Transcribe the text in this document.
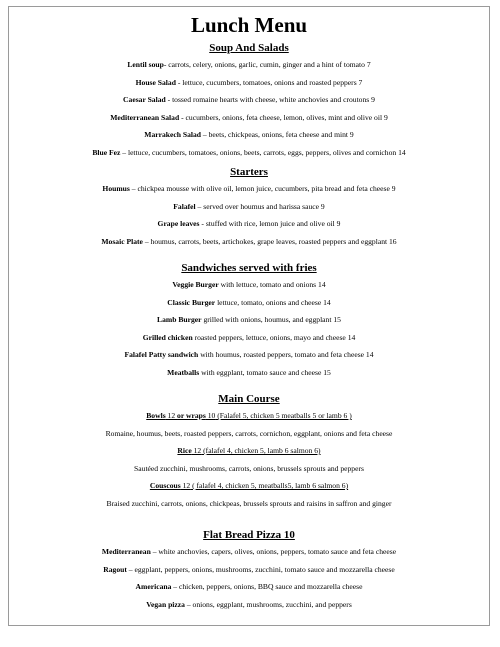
Lunch Menu
Soup And Salads
Lentil soup- carrots, celery, onions, garlic, cumin, ginger and a hint of tomato 7
House Salad - lettuce, cucumbers, tomatoes, onions and roasted peppers 7
Caesar Salad - tossed romaine hearts with cheese, white anchovies and croutons 9
Mediterranean Salad - cucumbers, onions, feta cheese, lemon, olives, mint and olive oil 9
Marrakech Salad – beets, chickpeas, onions, feta cheese and mint 9
Blue Fez – lettuce, cucumbers, tomatoes, onions, beets, carrots, eggs, peppers, olives and cornichon 14
Starters
Houmus – chickpea mousse with olive oil, lemon juice, cucumbers, pita bread and feta cheese 9
Falafel – served over houmus and harissa sauce 9
Grape leaves - stuffed with rice, lemon juice and olive oil 9
Mosaic Plate – houmus, carrots, beets, artichokes, grape leaves, roasted peppers and eggplant 16
Sandwiches served with fries
Veggie Burger with lettuce, tomato and onions 14
Classic Burger lettuce, tomato, onions and cheese 14
Lamb Burger grilled with onions, houmus, and eggplant 15
Grilled chicken roasted peppers, lettuce, onions, mayo and cheese 14
Falafel Patty sandwich with houmus, roasted peppers, tomato and feta cheese 14
Meatballs with eggplant, tomato sauce and cheese 15
Main Course
Bowls 12 or wraps 10 (Falafel 5, chicken 5 meatballs 5 or lamb 6 )
Romaine, houmus, beets, roasted peppers, carrots, cornichon, eggplant, onions and feta cheese
Rice 12 (falafel 4, chicken 5, lamb 6 salmon 6)
Sautéed zucchini, mushrooms, carrots, onions, brussels sprouts and peppers
Couscous 12 ( falafel 4, chicken 5, meatballs5, lamb 6 salmon 6)
Braised zucchini, carrots, onions, chickpeas, brussels sprouts and raisins in saffron and ginger
Flat Bread Pizza 10
Mediterranean – white anchovies, capers, olives, onions, peppers, tomato sauce and feta cheese
Ragout – eggplant, peppers, onions, mushrooms, zucchini, tomato sauce and mozzarella cheese
Americana – chicken, peppers, onions, BBQ sauce and mozzarella cheese
Vegan pizza – onions, eggplant, mushrooms, zucchini, and peppers
